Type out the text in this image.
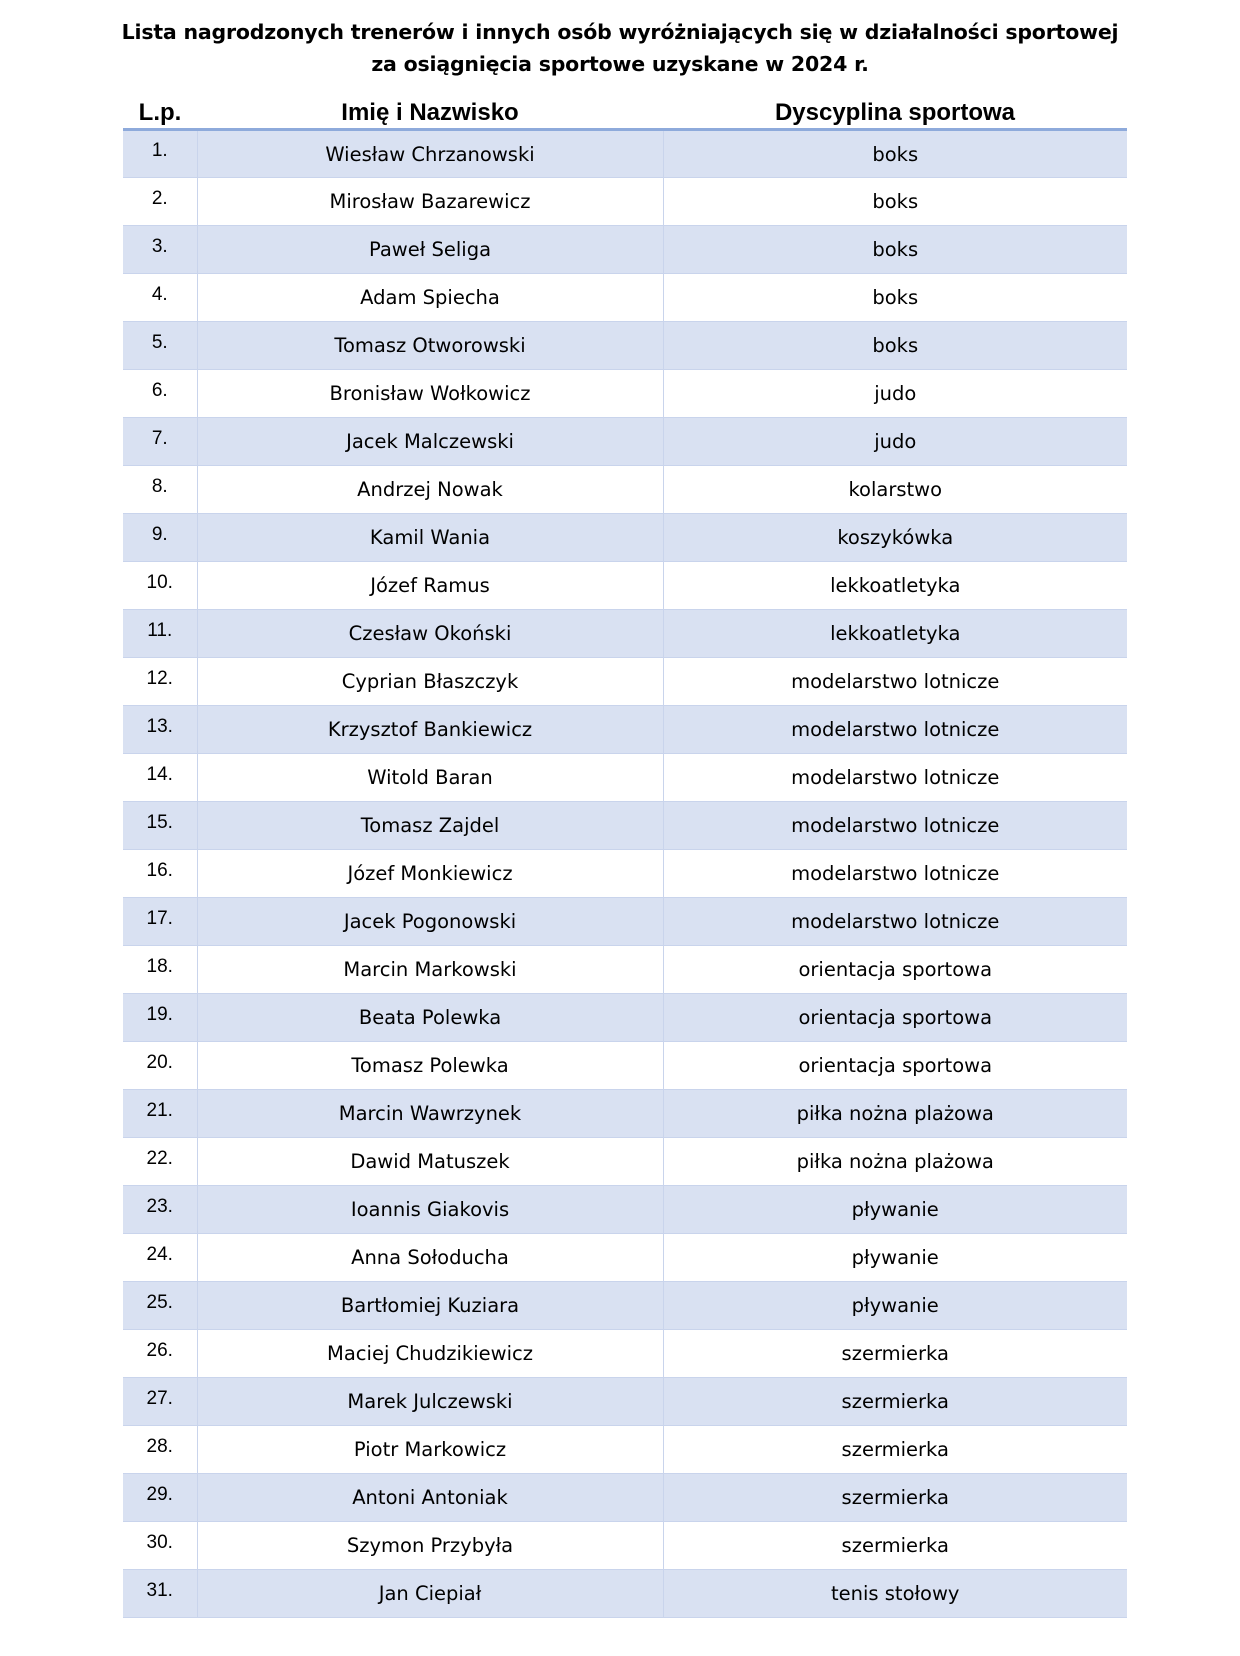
Lista nagrodzonych trenerów i innych osób wyróżniających się w działalności sportowej
za osiągnięcia sportowe uzyskane w 2024 r.
L.p.	Imię i Nazwisko	Dyscyplina sportowa
1.	Wiesław Chrzanowski	boks
2.	Mirosław Bazarewicz	boks
3.	Paweł Seliga	boks
4.	Adam Spiecha	boks
5.	Tomasz Otworowski	boks
6.	Bronisław Wołkowicz	judo
7.	Jacek Malczewski	judo
8.	Andrzej Nowak	kolarstwo
9.	Kamil Wania	koszykówka
10.	Józef Ramus	lekkoatletyka
11.	Czesław Okoński	lekkoatletyka
12.	Cyprian Błaszczyk	modelarstwo lotnicze
13.	Krzysztof Bankiewicz	modelarstwo lotnicze
14.	Witold Baran	modelarstwo lotnicze
15.	Tomasz Zajdel	modelarstwo lotnicze
16.	Józef Monkiewicz	modelarstwo lotnicze
17.	Jacek Pogonowski	modelarstwo lotnicze
18.	Marcin Markowski	orientacja sportowa
19.	Beata Polewka	orientacja sportowa
20.	Tomasz Polewka	orientacja sportowa
21.	Marcin Wawrzynek	piłka nożna plażowa
22.	Dawid Matuszek	piłka nożna plażowa
23.	Ioannis Giakovis	pływanie
24.	Anna Sołoducha	pływanie
25.	Bartłomiej Kuziara	pływanie
26.	Maciej Chudzikiewicz	szermierka
27.	Marek Julczewski	szermierka
28.	Piotr Markowicz	szermierka
29.	Antoni Antoniak	szermierka
30.	Szymon Przybyła	szermierka
31.	Jan Ciepiał	tenis stołowy
